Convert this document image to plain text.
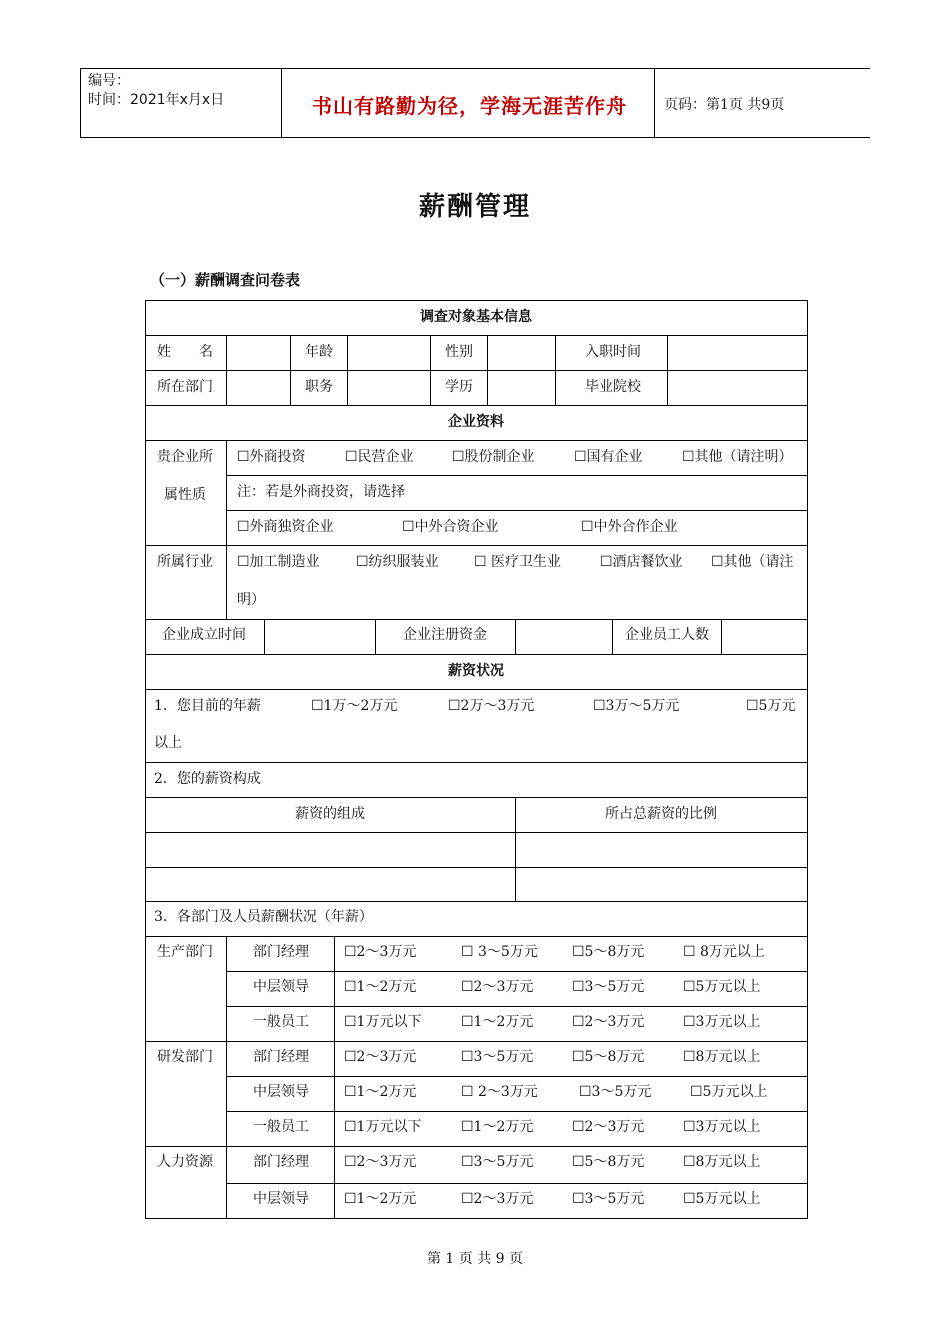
编号：
时间：2021年x月x日	书山有路勤为径，学海无涯苦作舟	页码：第1页 共9页
薪酬管理
（一）薪酬调查问卷表
调查对象基本信息
姓　　名	年龄	性别	入职时间
所在部门	职务	学历	毕业院校
企业资料
贵企业所
属性质
☐外商投资	☐民营企业	☐股份制企业	☐国有企业	☐其他（请注明）
注：若是外商投资，请选择
☐外商独资企业	☐中外合资企业	☐中外合作企业
所属行业 ☐加工制造业	☐纺织服装业	☐ 医疗卫生业	☐酒店餐饮业 ☐其他（请注
明）
企业成立时间	企业注册资金	企业员工人数
薪资状况
1．您目前的年薪	☐1万～2万元	☐2万～3万元	☐3万～5万元	☐5万元
以上
2．您的薪资构成
薪资的组成	所占总薪资的比例
3．各部门及人员薪酬状况（年薪）
生产部门	部门经理	☐2～3万元	☐ 3～5万元 ☐5～8万元	☐ 8万元以上
中层领导	☐1～2万元	☐2～3万元	☐3～5万元	☐5万元以上
一般员工	☐1万元以下	☐1～2万元	☐2～3万元	☐3万元以上
研发部门	部门经理	☐2～3万元	☐3～5万元	☐5～8万元	☐8万元以上
中层领导	☐1～2万元	☐ 2～3万元	☐3～5万元	☐5万元以上
一般员工	☐1万元以下	☐1～2万元	☐2～3万元	☐3万元以上
人力资源	部门经理	☐2～3万元	☐3～5万元	☐5～8万元	☐8万元以上
中层领导	☐1～2万元	☐2～3万元	☐3～5万元	☐5万元以上
第 1 页 共 9 页
